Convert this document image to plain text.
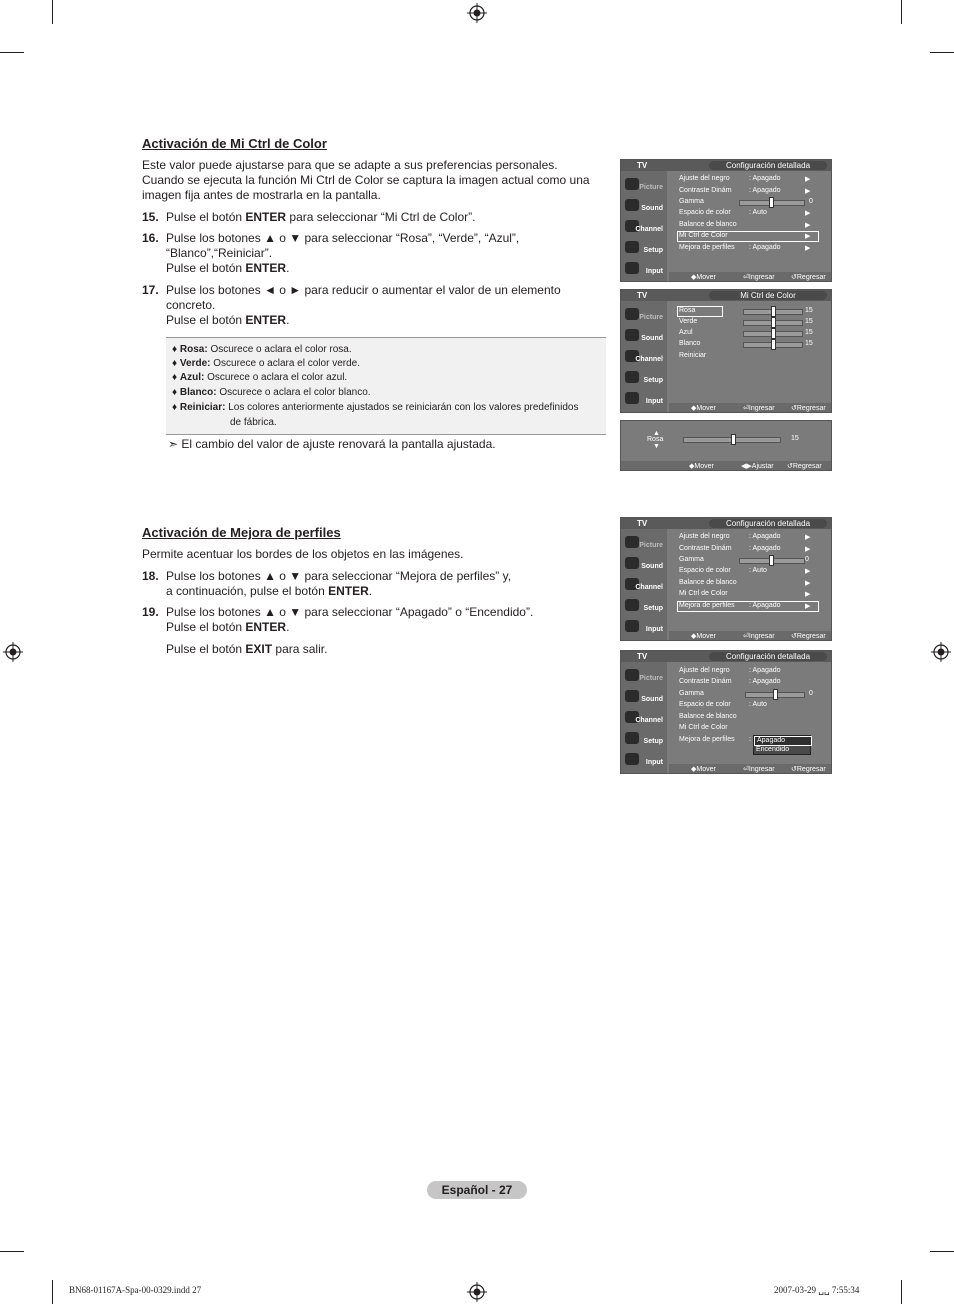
Activación de Mi Ctrl de Color
Este valor puede ajustarse para que se adapte a sus preferencias personales.
Cuando se ejecuta la función Mi Ctrl de Color se captura la imagen actual como una
imagen fija antes de mostrarla en la pantalla.
15. Pulse el botón ENTER para seleccionar “Mi Ctrl de Color”.
16. Pulse los botones ▲ o ▼ para seleccionar “Rosa”, “Verde”, “Azul”,
“Blanco”,“Reiniciar”.
Pulse el botón ENTER.
17. Pulse los botones ◄ o ► para reducir o aumentar el valor de un elemento
concreto.
Pulse el botón ENTER.
♦ Rosa: Oscurece o aclara el color rosa.
♦ Verde: Oscurece o aclara el color verde.
♦ Azul: Oscurece o aclara el color azul.
♦ Blanco: Oscurece o aclara el color blanco.
♦ Reiniciar: Los colores anteriormente ajustados se reiniciarán con los valores predefinidos
de fábrica.
➣ El cambio del valor de ajuste renovará la pantalla ajustada.
Activación de Mejora de perfiles
Permite acentuar los bordes de los objetos en las imágenes.
18. Pulse los botones ▲ o ▼ para seleccionar “Mejora de perfiles” y,
a continuación, pulse el botón ENTER.
19. Pulse los botones ▲ o ▼ para seleccionar “Apagado” o “Encendido”.
Pulse el botón ENTER.
Pulse el botón EXIT para salir.
TV	Configuración detallada
Picture
Sound
Channel
Setup
Input
Ajuste del negro	: Apagado	▶
Contraste Dinám : Apagado	▶
Gamma	0
Espacio de color	: Auto	▶
Balance de blanco	▶
Mi Ctrl de Color	▶
Mejora de perfiles : Apagado	▶
◆ Mover	⏎ Ingresar ↺ Regresar
TV	Mi Ctrl de Color
Picture
Sound
Channel
Setup
Input
Rosa	15
Verde	15
Azul	15
Blanco	15
Reiniciar
◆ Mover	⏎ Ingresar ↺ Regresar
▲
Rosa
▼
15
◆ Mover	◀▶ Ajustar ↺ Regresar
TV	Configuración detallada
Picture
Sound
Channel
Setup
Input
Ajuste del negro	: Apagado	▶
Contraste Dinám : Apagado	▶
Gamma	0
Espacio de color	: Auto	▶
Balance de blanco	▶
Mi Ctrl de Color	▶
Mejora de perfiles : Apagado	▶
◆ Mover	⏎ Ingresar ↺ Regresar
TV	Configuración detallada
Picture
Sound
Channel
Setup
Input
Ajuste del negro	: Apagado
Contraste Dinám : Apagado
Gamma	0
Espacio de color	: Auto
Balance de blanco
Mi Ctrl de Color
Mejora de perfiles : Apagado
Encendido
◆ Mover	⏎ Ingresar ↺ Regresar
Español - 27
BN68-01167A-Spa-00-0329.indd 27	2007-03-29 ␣␣ 7:55:34
